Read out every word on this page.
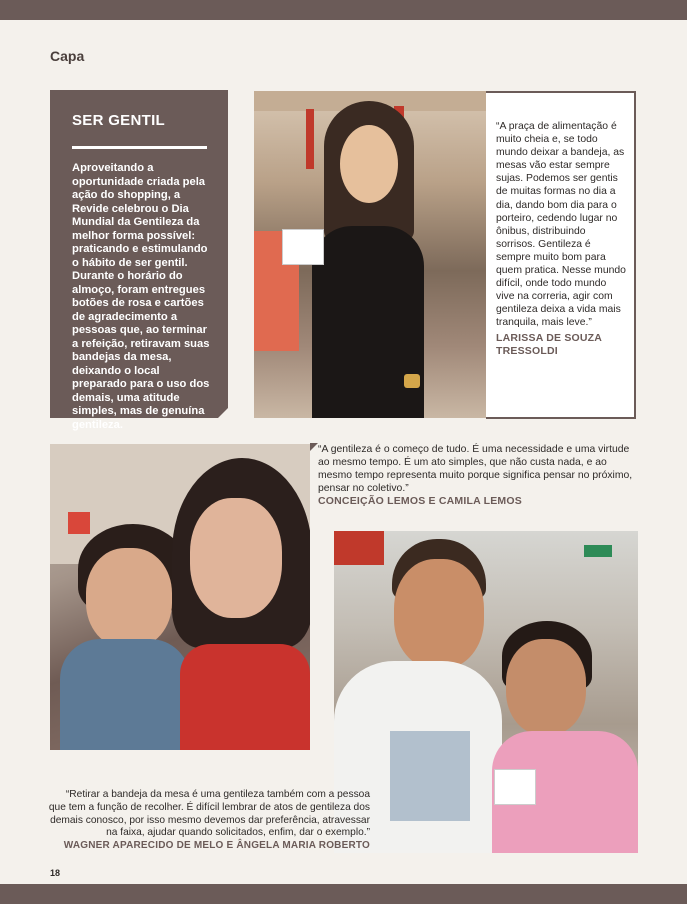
Capa
SER GENTIL

Aproveitando a oportunidade criada pela ação do shopping, a Revide celebrou o Dia Mundial da Gentileza da melhor forma possível: praticando e estimulando o hábito de ser gentil. Durante o horário do almoço, foram entregues botões de rosa e cartões de agradecimento a pessoas que, ao terminar a refeição, retiravam suas bandejas da mesa, deixando o local preparado para o uso dos demais, uma atitude simples, mas de genuína gentileza.

“A praça de alimentação é muito cheia e, se todo mundo deixar a bandeja, as mesas vão estar sempre sujas. Podemos ser gentis de muitas formas no dia a dia, dando bom dia para o porteiro, cedendo lugar no ônibus, distribuindo sorrisos. Gentileza é sempre muito bom para quem pratica. Nesse mundo difícil, onde todo mundo vive na correria, agir com gentileza deixa a vida mais tranquila, mais leve.”
LARISSA DE SOUZA TRESSOLDI
“A gentileza é o começo de tudo. É uma necessidade e uma virtude ao mesmo tempo. É um ato simples, que não custa nada, e ao mesmo tempo representa muito porque significa pensar no próximo, pensar no coletivo.”
CONCEIÇÃO LEMOS E CAMILA LEMOS
“Retirar a bandeja da mesa é uma gentileza também com a pessoa que tem a função de recolher. É difícil lembrar de atos de gentileza dos demais conosco, por isso mesmo devemos dar preferência, atravessar na faixa, ajudar quando solicitados, enfim, dar o exemplo.”
WAGNER APARECIDO DE MELO E ÂNGELA MARIA ROBERTO
18
